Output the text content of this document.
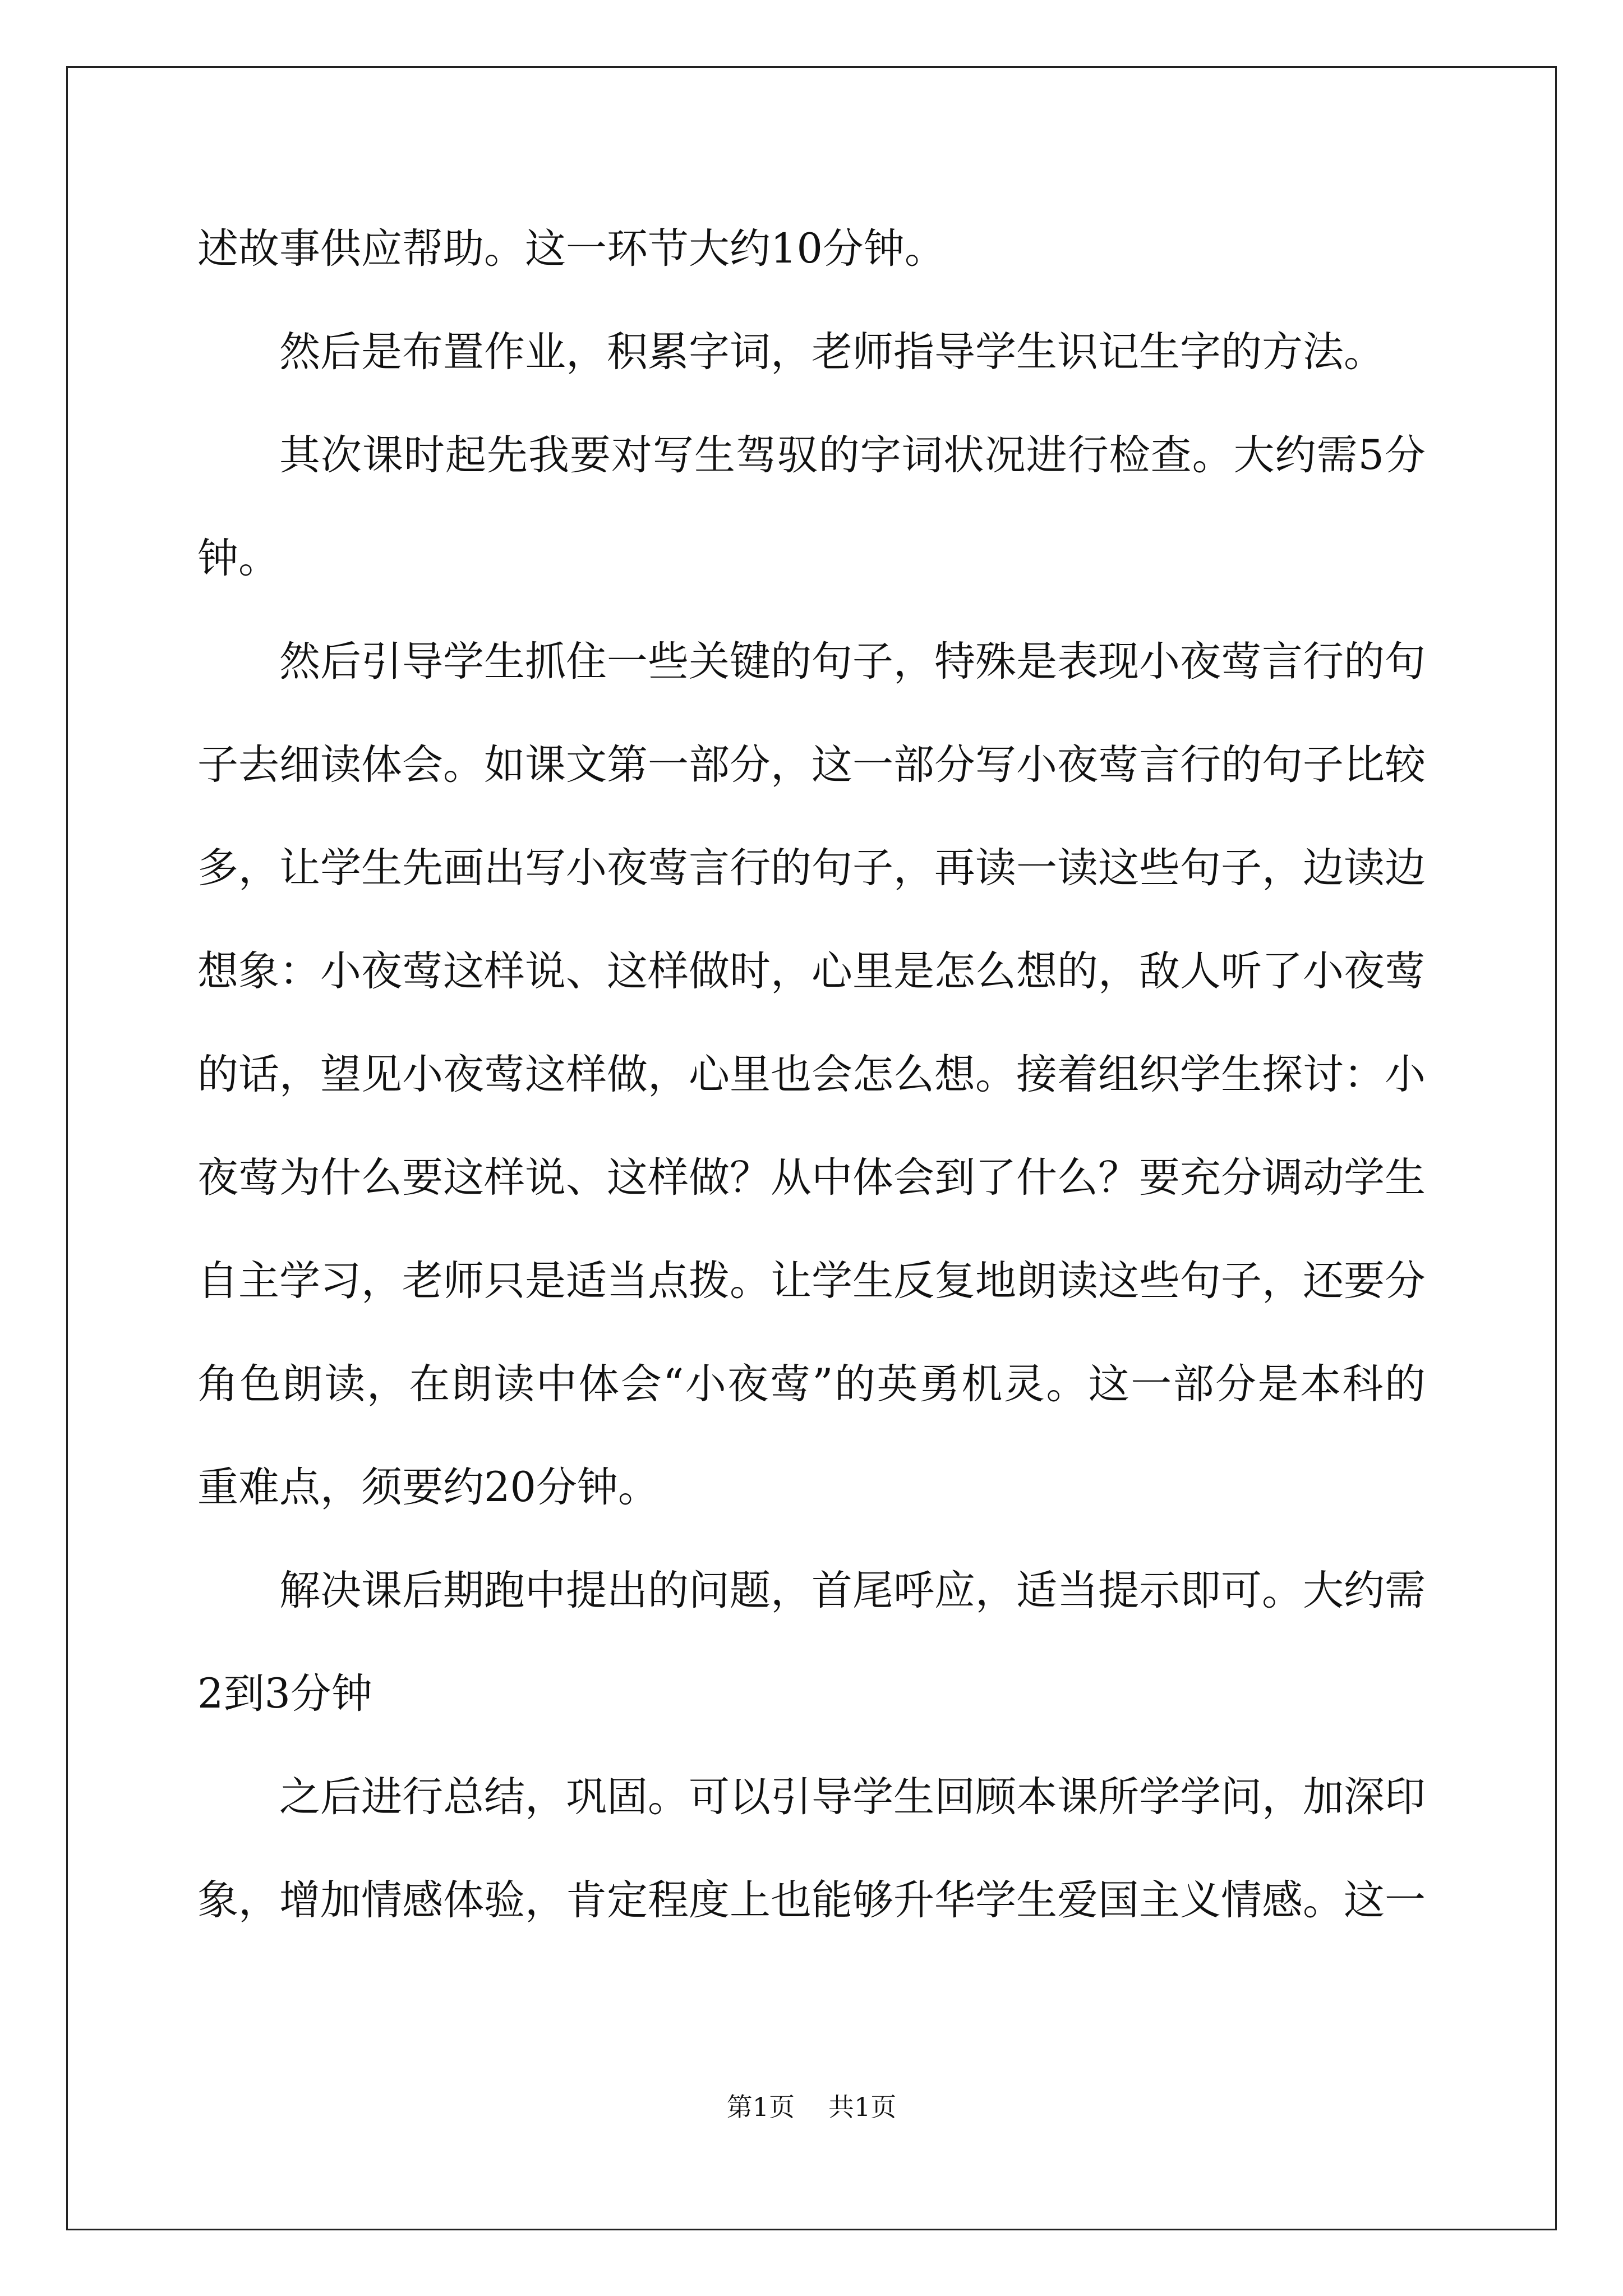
述故事供应帮助。这一环节大约10分钟。

然后是布置作业，积累字词，老师指导学生识记生字的方法。

其次课时起先我要对写生驾驭的字词状况进行检查。大约需5分钟。

然后引导学生抓住一些关键的句子，特殊是表现小夜莺言行的句子去细读体会。如课文第一部分，这一部分写小夜莺言行的句子比较多，让学生先画出写小夜莺言行的句子，再读一读这些句子，边读边想象：小夜莺这样说、这样做时，心里是怎么想的，敌人听了小夜莺的话，望见小夜莺这样做，心里也会怎么想。接着组织学生探讨：小夜莺为什么要这样说、这样做？从中体会到了什么？要充分调动学生自主学习，老师只是适当点拨。让学生反复地朗读这些句子，还要分角色朗读，在朗读中体会“小夜莺”的英勇机灵。这一部分是本科的重难点，须要约20分钟。

解决课后期跑中提出的问题，首尾呼应，适当提示即可。大约需2到3分钟

之后进行总结，巩固。可以引导学生回顾本课所学学问，加深印象，增加情感体验，肯定程度上也能够升华学生爱国主义情感。这一

第1页 共1页
